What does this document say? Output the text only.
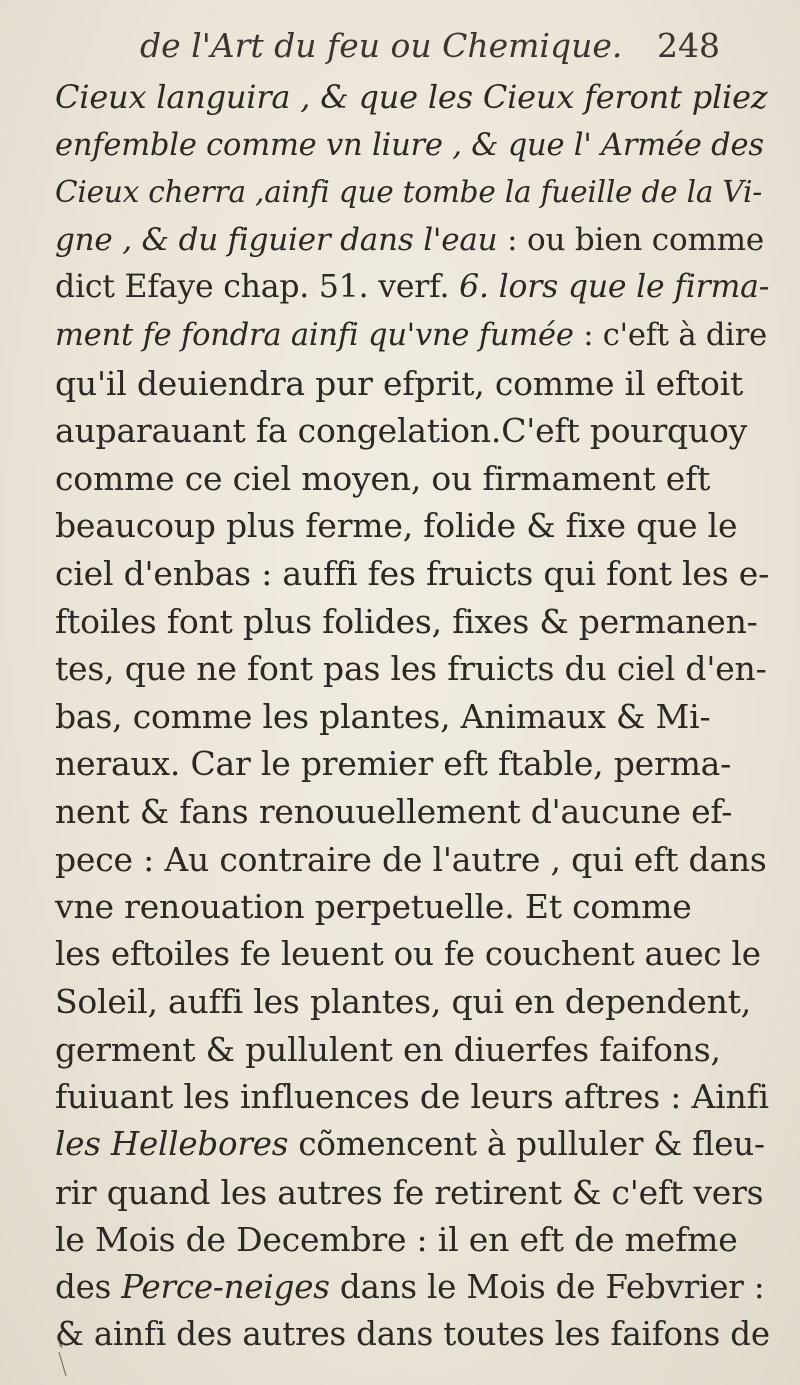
de l'Art du feu ou Chemique. 248
Cieux languira , & que les Cieux feront pliez
enfemble comme vn liure , & que l' Armée des
Cieux cherra ,ainfi que tombe la fueille de la Vi-
gne , & du figuier dans l'eau : ou bien comme
dict Efaye chap. 51. verf. 6. lors que le firma-
ment fe fondra ainfi qu'vne fumée : c'eft à dire
qu'il deuiendra pur efprit, comme il eftoit
auparauant fa congelation.C'eft pourquoy
comme ce ciel moyen, ou firmament eft
beaucoup plus ferme, folide & fixe que le
ciel d'enbas : auffi fes fruicts qui font les e-
ftoiles font plus folides, fixes & permanen-
tes, que ne font pas les fruicts du ciel d'en-
bas, comme les plantes, Animaux & Mi-
neraux. Car le premier eft ftable, perma-
nent & fans renouuellement d'aucune ef-
pece : Au contraire de l'autre , qui eft dans
vne renouation perpetuelle. Et comme
les eftoiles fe leuent ou fe couchent auec le
Soleil, auffi les plantes, qui en dependent,
germent & pullulent en diuerfes faifons,
fuiuant les influences de leurs aftres : Ainfi
les Hellebores cõmencent à pulluler & fleu-
rir quand les autres fe retirent & c'eft vers
le Mois de Decembre : il en eft de mefme
des Perce-neiges dans le Mois de Febvrier :
& ainfi des autres dans toutes les faifons de
